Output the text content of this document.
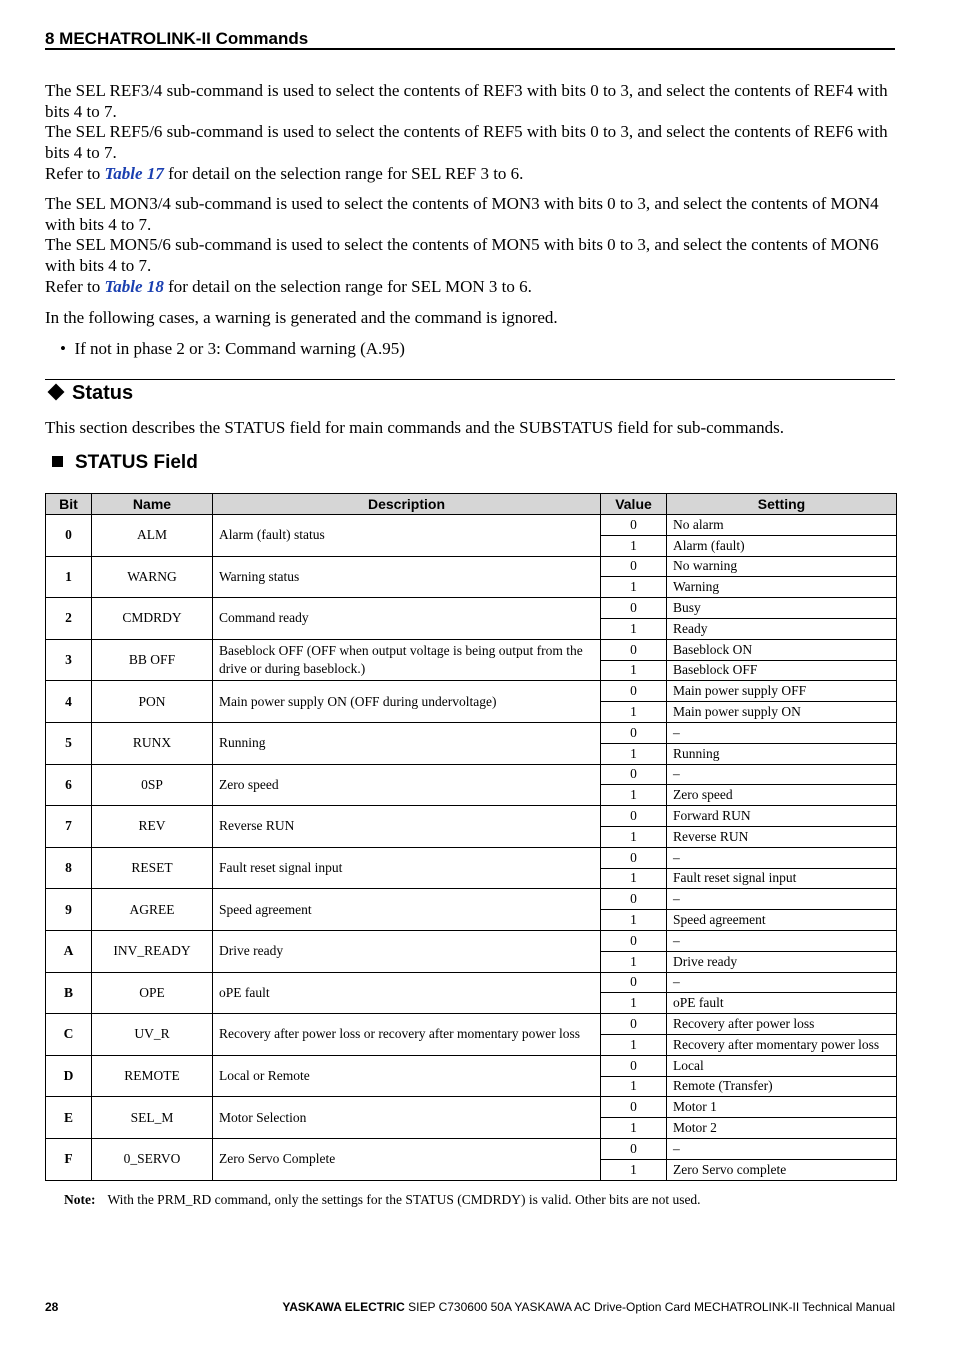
8 MECHATROLINK-II Commands

The SEL REF3/4 sub-command is used to select the contents of REF3 with bits 0 to 3, and select the contents of REF4 with bits 4 to 7.

The SEL REF5/6 sub-command is used to select the contents of REF5 with bits 0 to 3, and select the contents of REF6 with bits 4 to 7.

Refer to Table 17 for detail on the selection range for SEL REF 3 to 6.

The SEL MON3/4 sub-command is used to select the contents of MON3 with bits 0 to 3, and select the contents of MON4 with bits 4 to 7.

The SEL MON5/6 sub-command is used to select the contents of MON5 with bits 0 to 3, and select the contents of MON6 with bits 4 to 7.

Refer to Table 18 for detail on the selection range for SEL MON 3 to 6.

In the following cases, a warning is generated and the command is ignored.
•  If not in phase 2 or 3: Command warning (A.95)
Status
This section describes the STATUS field for main commands and the SUBSTATUS field for sub-commands.
STATUS Field
Bit	Name	Description	Value	Setting
0	ALM	Alarm (fault) status	0	No alarm
			1	Alarm (fault)
1	WARNG	Warning status	0	No warning
			1	Warning
2	CMDRDY	Command ready	0	Busy
			1	Ready
3	BB OFF	Baseblock OFF (OFF when output voltage is being output from the drive or during baseblock.)	0	Baseblock ON
			1	Baseblock OFF
4	PON	Main power supply ON (OFF during undervoltage)	0	Main power supply OFF
			1	Main power supply ON
5	RUNX	Running	0	–
			1	Running
6	0SP	Zero speed	0	–
			1	Zero speed
7	REV	Reverse RUN	0	Forward RUN
			1	Reverse RUN
8	RESET	Fault reset signal input	0	–
			1	Fault reset signal input
9	AGREE	Speed agreement	0	–
			1	Speed agreement
A	INV_READY	Drive ready	0	–
			1	Drive ready
B	OPE	oPE fault	0	–
			1	oPE fault
C	UV_R	Recovery after power loss or recovery after momentary power loss	0	Recovery after power loss
			1	Recovery after momentary power loss
D	REMOTE	Local or Remote	0	Local
			1	Remote (Transfer)
E	SEL_M	Motor Selection	0	Motor 1
			1	Motor 2
F	0_SERVO	Zero Servo Complete	0	–
			1	Zero Servo complete
Note: With the PRM_RD command, only the settings for the STATUS (CMDRDY) is valid. Other bits are not used.
28	YASKAWA ELECTRIC SIEP C730600 50A YASKAWA AC Drive-Option Card MECHATROLINK-II Technical Manual
